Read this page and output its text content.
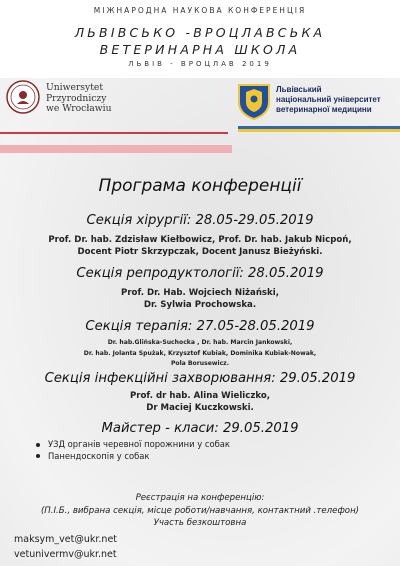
МІЖНАРОДНА НАУКОВА КОНФЕРЕНЦІЯ
ЛЬВІВСЬКО -ВРОЦЛАВСЬКА
ВЕТЕРИНАРНА ШКОЛА
ЛЬВІВ - ВРОЦЛАВ 2019
Uniwersytet
Przyrodniczy
we Wrocławiu
Львівський
національний університет
ветеринарної медицини
Програма конференції
Секція хірургії: 28.05-29.05.2019
Prof. Dr. hab. Zdzisław Kiełbowicz, Prof. Dr. hab. Jakub Nicpoń,
Docent Piotr Skrzypczak, Docent Janusz Bieżyński.
Секція репродуктології: 28.05.2019
Prof. Dr. Hab. Wojciech Niżański,
Dr. Sylwia Prochowska.
Секція терапія: 27.05-28.05.2019
Dr. hab.Glińska-Suchocka , Dr. hab. Marcin Jankowski,
Dr. hab. Jolanta Spużak, Krzysztof Kubiak, Dominika Kubiak-Nowak,
Pola Borusewicz.
Секція інфекційні захворювання: 29.05.2019
Prof. dr hab. Alina Wieliczko,
Dr Maciej Kuczkowski.
Майстер - класи: 29.05.2019
УЗД органів черевної порожнини у собак
Панендоскопія у собак
Реєстрація на конференцію:
(П.І.Б., вибрана секція, місце роботи/навчання, контактний .телефон)
Участь безкоштовна
maksym_vet@ukr.net
vetunivermv@ukr.net
